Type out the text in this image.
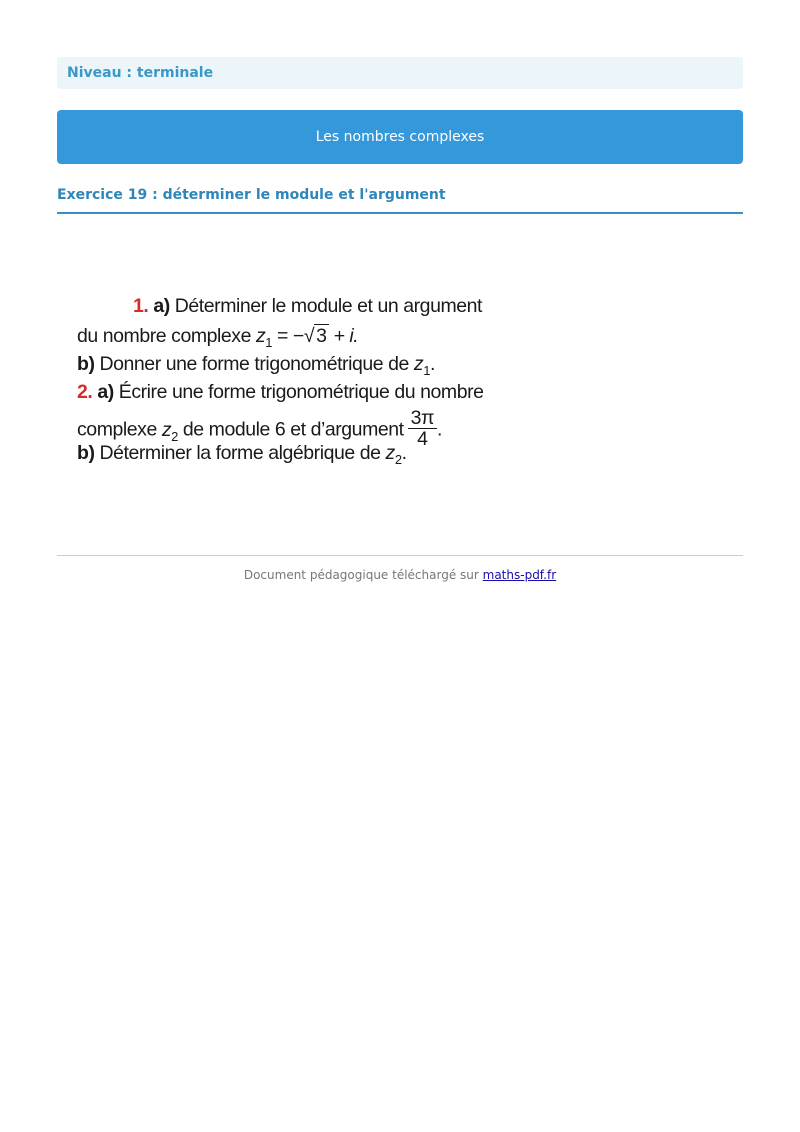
Niveau : terminale
Les nombres complexes
Exercice 19 : déterminer le module et l'argument
1. a) Déterminer le module et un argument
du nombre complexe $z_1$ = −√ 3 + i.
b) Donner une forme trigonométrique de $z_1$.
2. a) Écrire une forme trigonométrique du nombre
complexe $z_2$ de module 6 et d’argument $\frac{3\pi}{4}$ .
b) Déterminer la forme algébrique de $z_2$.
Document pédagogique téléchargé sur maths-pdf.fr
